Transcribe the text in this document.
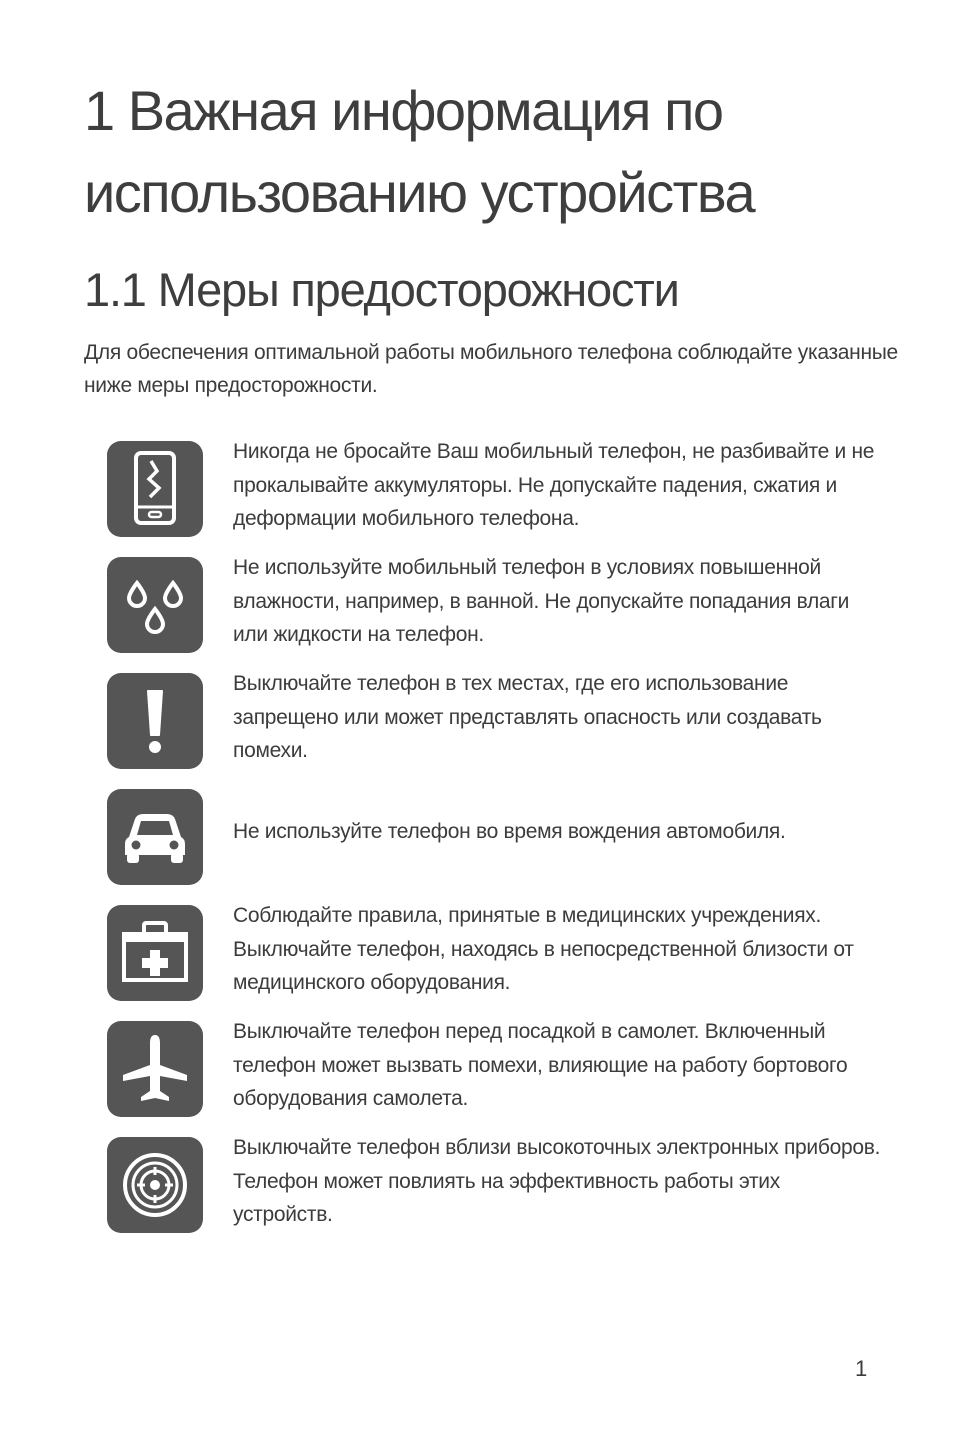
1 Важная информация по использованию устройства
1.1 Меры предосторожности
Для обеспечения оптимальной работы мобильного телефона соблюдайте указанные ниже меры предосторожности.
Никогда не бросайте Ваш мобильный телефон, не разбивайте и не прокалывайте аккумуляторы. Не допускайте падения, сжатия и деформации мобильного телефона.
Не используйте мобильный телефон в условиях повышенной влажности, например, в ванной. Не допускайте попадания влаги или жидкости на телефон.
Выключайте телефон в тех местах, где его использование запрещено или может представлять опасность или создавать помехи.
Не используйте телефон во время вождения автомобиля.
Соблюдайте правила, принятые в медицинских учреждениях. Выключайте телефон, находясь в непосредственной близости от медицинского оборудования.
Выключайте телефон перед посадкой в самолет. Включенный телефон может вызвать помехи, влияющие на работу бортового оборудования самолета.
Выключайте телефон вблизи высокоточных электронных приборов. Телефон может повлиять на эффективность работы этих устройств.
1
